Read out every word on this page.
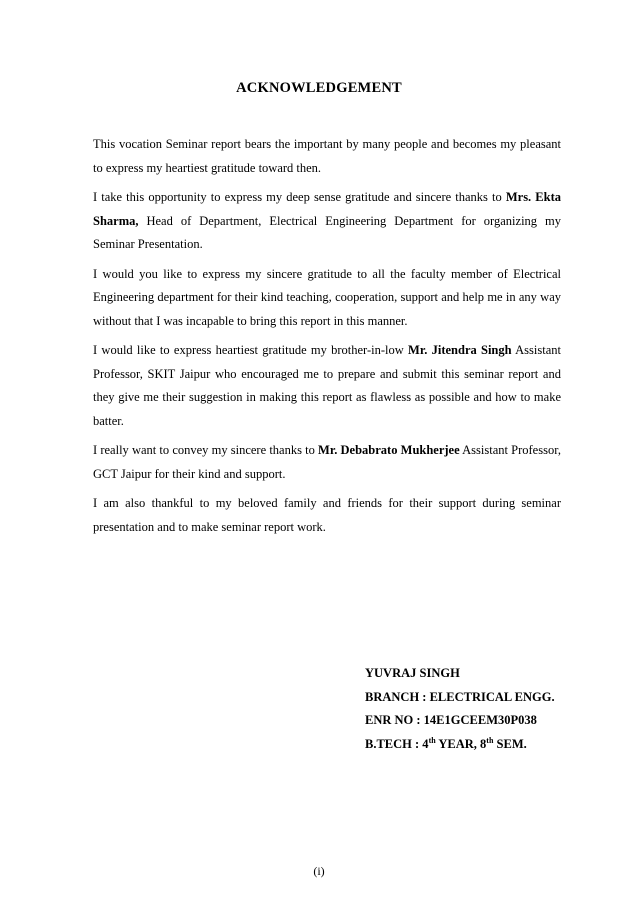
ACKNOWLEDGEMENT

This vocation Seminar report bears the important by many people and becomes my pleasant to express my heartiest gratitude toward then.

I take this opportunity to express my deep sense gratitude and sincere thanks to Mrs. Ekta Sharma, Head of Department, Electrical Engineering Department for organizing my Seminar Presentation.

I would you like to express my sincere gratitude to all the faculty member of Electrical Engineering department for their kind teaching, cooperation, support and help me in any way without that I was incapable to bring this report in this manner.

I would like to express heartiest gratitude my brother-in-low Mr. Jitendra Singh Assistant Professor, SKIT Jaipur who encouraged me to prepare and submit this seminar report and they give me their suggestion in making this report as flawless as possible and how to make batter.

I really want to convey my sincere thanks to Mr. Debabrato Mukherjee Assistant Professor, GCT Jaipur for their kind and support.

I am also thankful to my beloved family and friends for their support during seminar presentation and to make seminar report work.

YUVRAJ SINGH
BRANCH : ELECTRICAL ENGG.
ENR NO : 14E1GCEEM30P038
B.TECH : 4th YEAR, 8th SEM.
(i)
